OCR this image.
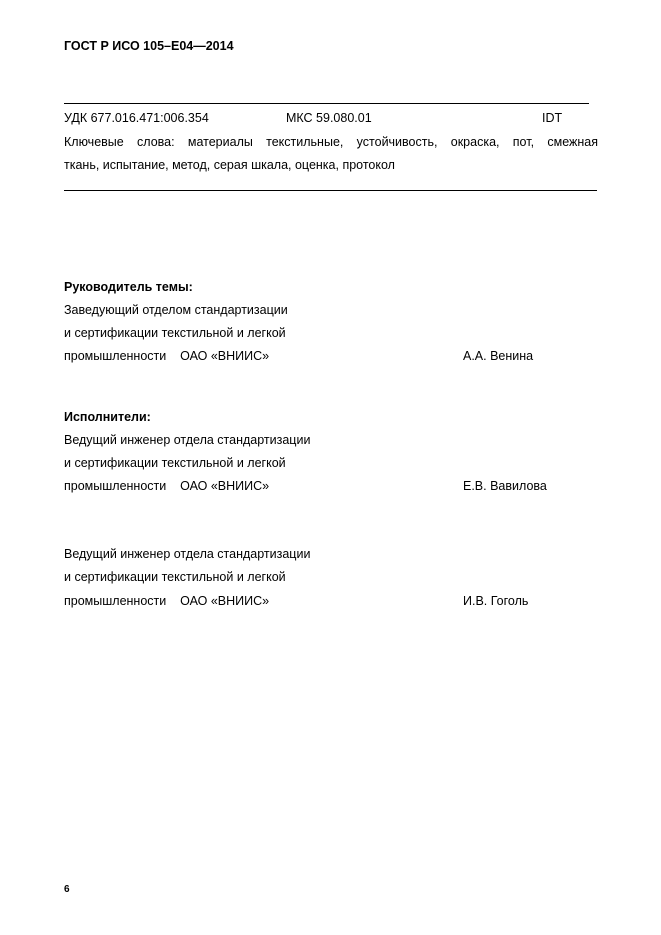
ГОСТ Р ИСО 105–E04—2014
УДК 677.016.471:006.354	МКС 59.080.01	IDT
Ключевые слова: материалы текстильные, устойчивость, окраска, пот, смежная
ткань, испытание, метод, серая шкала, оценка, протокол
Руководитель темы:
Заведующий отделом стандартизации
и сертификации текстильной и легкой
промышленности    ОАО «ВНИИС»	А.А. Венина
Исполнители:
Ведущий инженер отдела стандартизации
и сертификации текстильной и легкой
промышленности    ОАО «ВНИИС»	Е.В. Вавилова
Ведущий инженер отдела стандартизации
и сертификации текстильной и легкой
промышленности    ОАО «ВНИИС»	И.В. Гоголь
6
